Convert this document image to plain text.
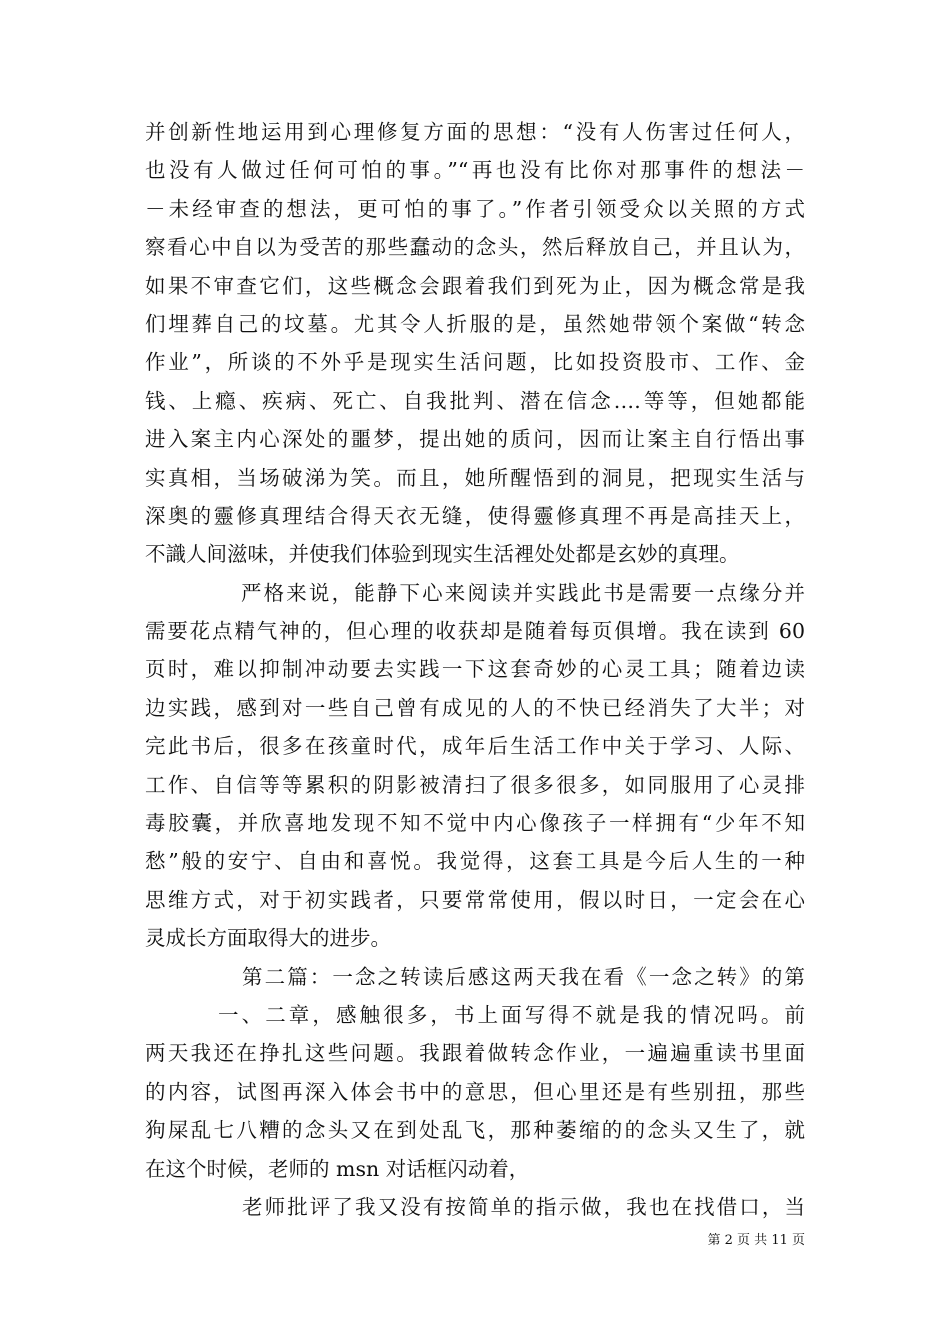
并创新性地运用到心理修复方面的思想：“没有人伤害过任何人，
也没有人做过任何可怕的事。”“再也没有比你对那事件的想法－
－未经审查的想法，更可怕的事了。”作者引领受众以关照的方式
察看心中自以为受苦的那些蠢动的念头，然后释放自己，并且认为，
如果不审查它们，这些概念会跟着我们到死为止，因为概念常是我
们埋葬自己的坟墓。尤其令人折服的是，虽然她带领个案做“转念
作业”，所谈的不外乎是现实生活问题，比如投资股市、工作、金
钱、上瘾、疾病、死亡、自我批判、潜在信念‥‥等等，但她都能
进入案主内心深处的噩梦，提出她的质问，因而让案主自行悟出事
实真相，当场破涕为笑。而且，她所醒悟到的洞見，把现实生活与
深奥的靈修真理结合得天衣无缝，使得靈修真理不再是高挂天上，
不識人间滋味，并使我们体验到现实生活裡处处都是玄妙的真理。
严格来说，能静下心来阅读并实践此书是需要一点缘分并
需要花点精气神的，但心理的收获却是随着每页俱增。我在读到 60
页时，难以抑制冲动要去实践一下这套奇妙的心灵工具；随着边读
边实践，感到对一些自己曾有成见的人的不快已经消失了大半；对
完此书后，很多在孩童时代，成年后生活工作中关于学习、人际、
工作、自信等等累积的阴影被清扫了很多很多，如同服用了心灵排
毒胶囊，并欣喜地发现不知不觉中内心像孩子一样拥有“少年不知
愁”般的安宁、自由和喜悦。我觉得，这套工具是今后人生的一种
思维方式，对于初实践者，只要常常使用，假以时日，一定会在心
灵成长方面取得大的进步。
第二篇：一念之转读后感这两天我在看《一念之转》的第
一、二章，感触很多，书上面写得不就是我的情况吗。前
两天我还在挣扎这些问题。我跟着做转念作业，一遍遍重读书里面
的内容，试图再深入体会书中的意思，但心里还是有些别扭，那些
狗屎乱七八糟的念头又在到处乱飞，那种萎缩的的念头又生了，就
在这个时候，老师的 msn 对话框闪动着，
老师批评了我又没有按简单的指示做，我也在找借口，当
第 2 页 共 11 页
